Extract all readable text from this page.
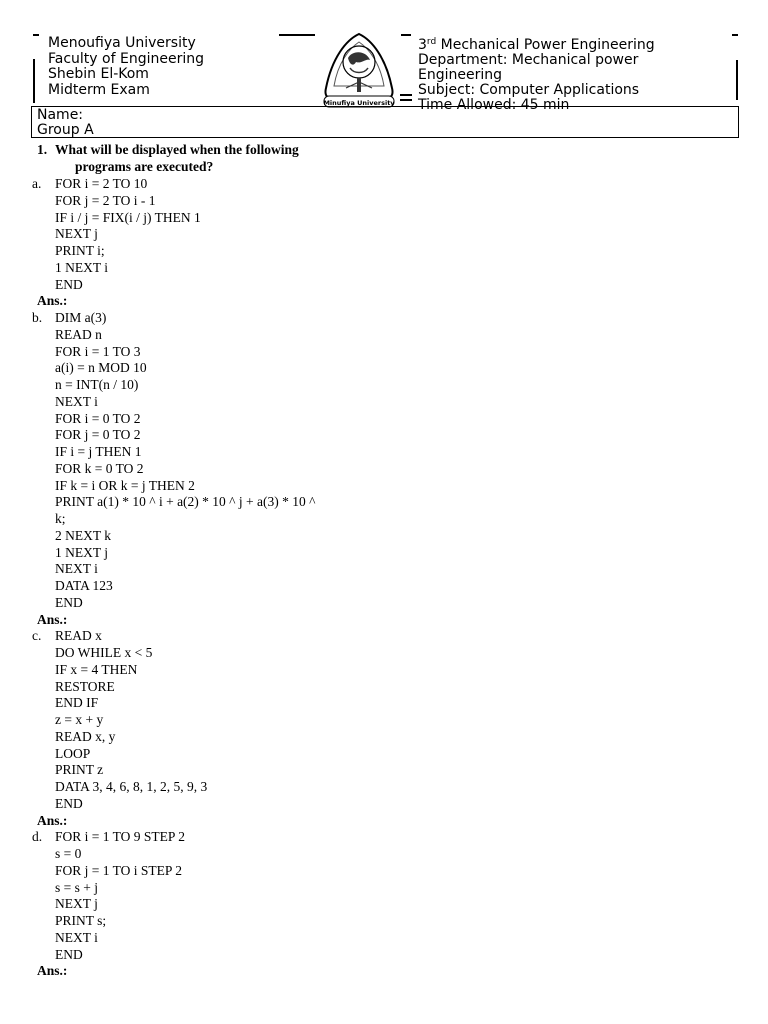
Menoufiya University
Faculty of Engineering
Shebin El-Kom
Midterm Exam
Minufiya University
3rd Mechanical Power Engineering
Department: Mechanical power
Engineering
Subject: Computer Applications
Time Allowed: 45 min
Name:
Group A
1. What will be displayed when the following
programs are executed?
a. FOR i = 2 TO 10
FOR j = 2 TO i - 1
IF i / j = FIX(i / j) THEN 1
NEXT j
PRINT i;
1 NEXT i
END
Ans.:
b. DIM a(3)
READ n
FOR i = 1 TO 3
a(i) = n MOD 10
n = INT(n / 10)
NEXT i
FOR i = 0 TO 2
FOR j = 0 TO 2
IF i = j THEN 1
FOR k = 0 TO 2
IF k = i OR k = j THEN 2
PRINT a(1) * 10 ^ i + a(2) * 10 ^ j + a(3) * 10 ^
k;
2 NEXT k
1 NEXT j
NEXT i
DATA 123
END
Ans.:
c. READ x
DO WHILE x < 5
IF x = 4 THEN
RESTORE
END IF
z = x + y
READ x, y
LOOP
PRINT z
DATA 3, 4, 6, 8, 1, 2, 5, 9, 3
END
Ans.:
d. FOR i = 1 TO 9 STEP 2
s = 0
FOR j = 1 TO i STEP 2
s = s + j
NEXT j
PRINT s;
NEXT i
END
Ans.:
